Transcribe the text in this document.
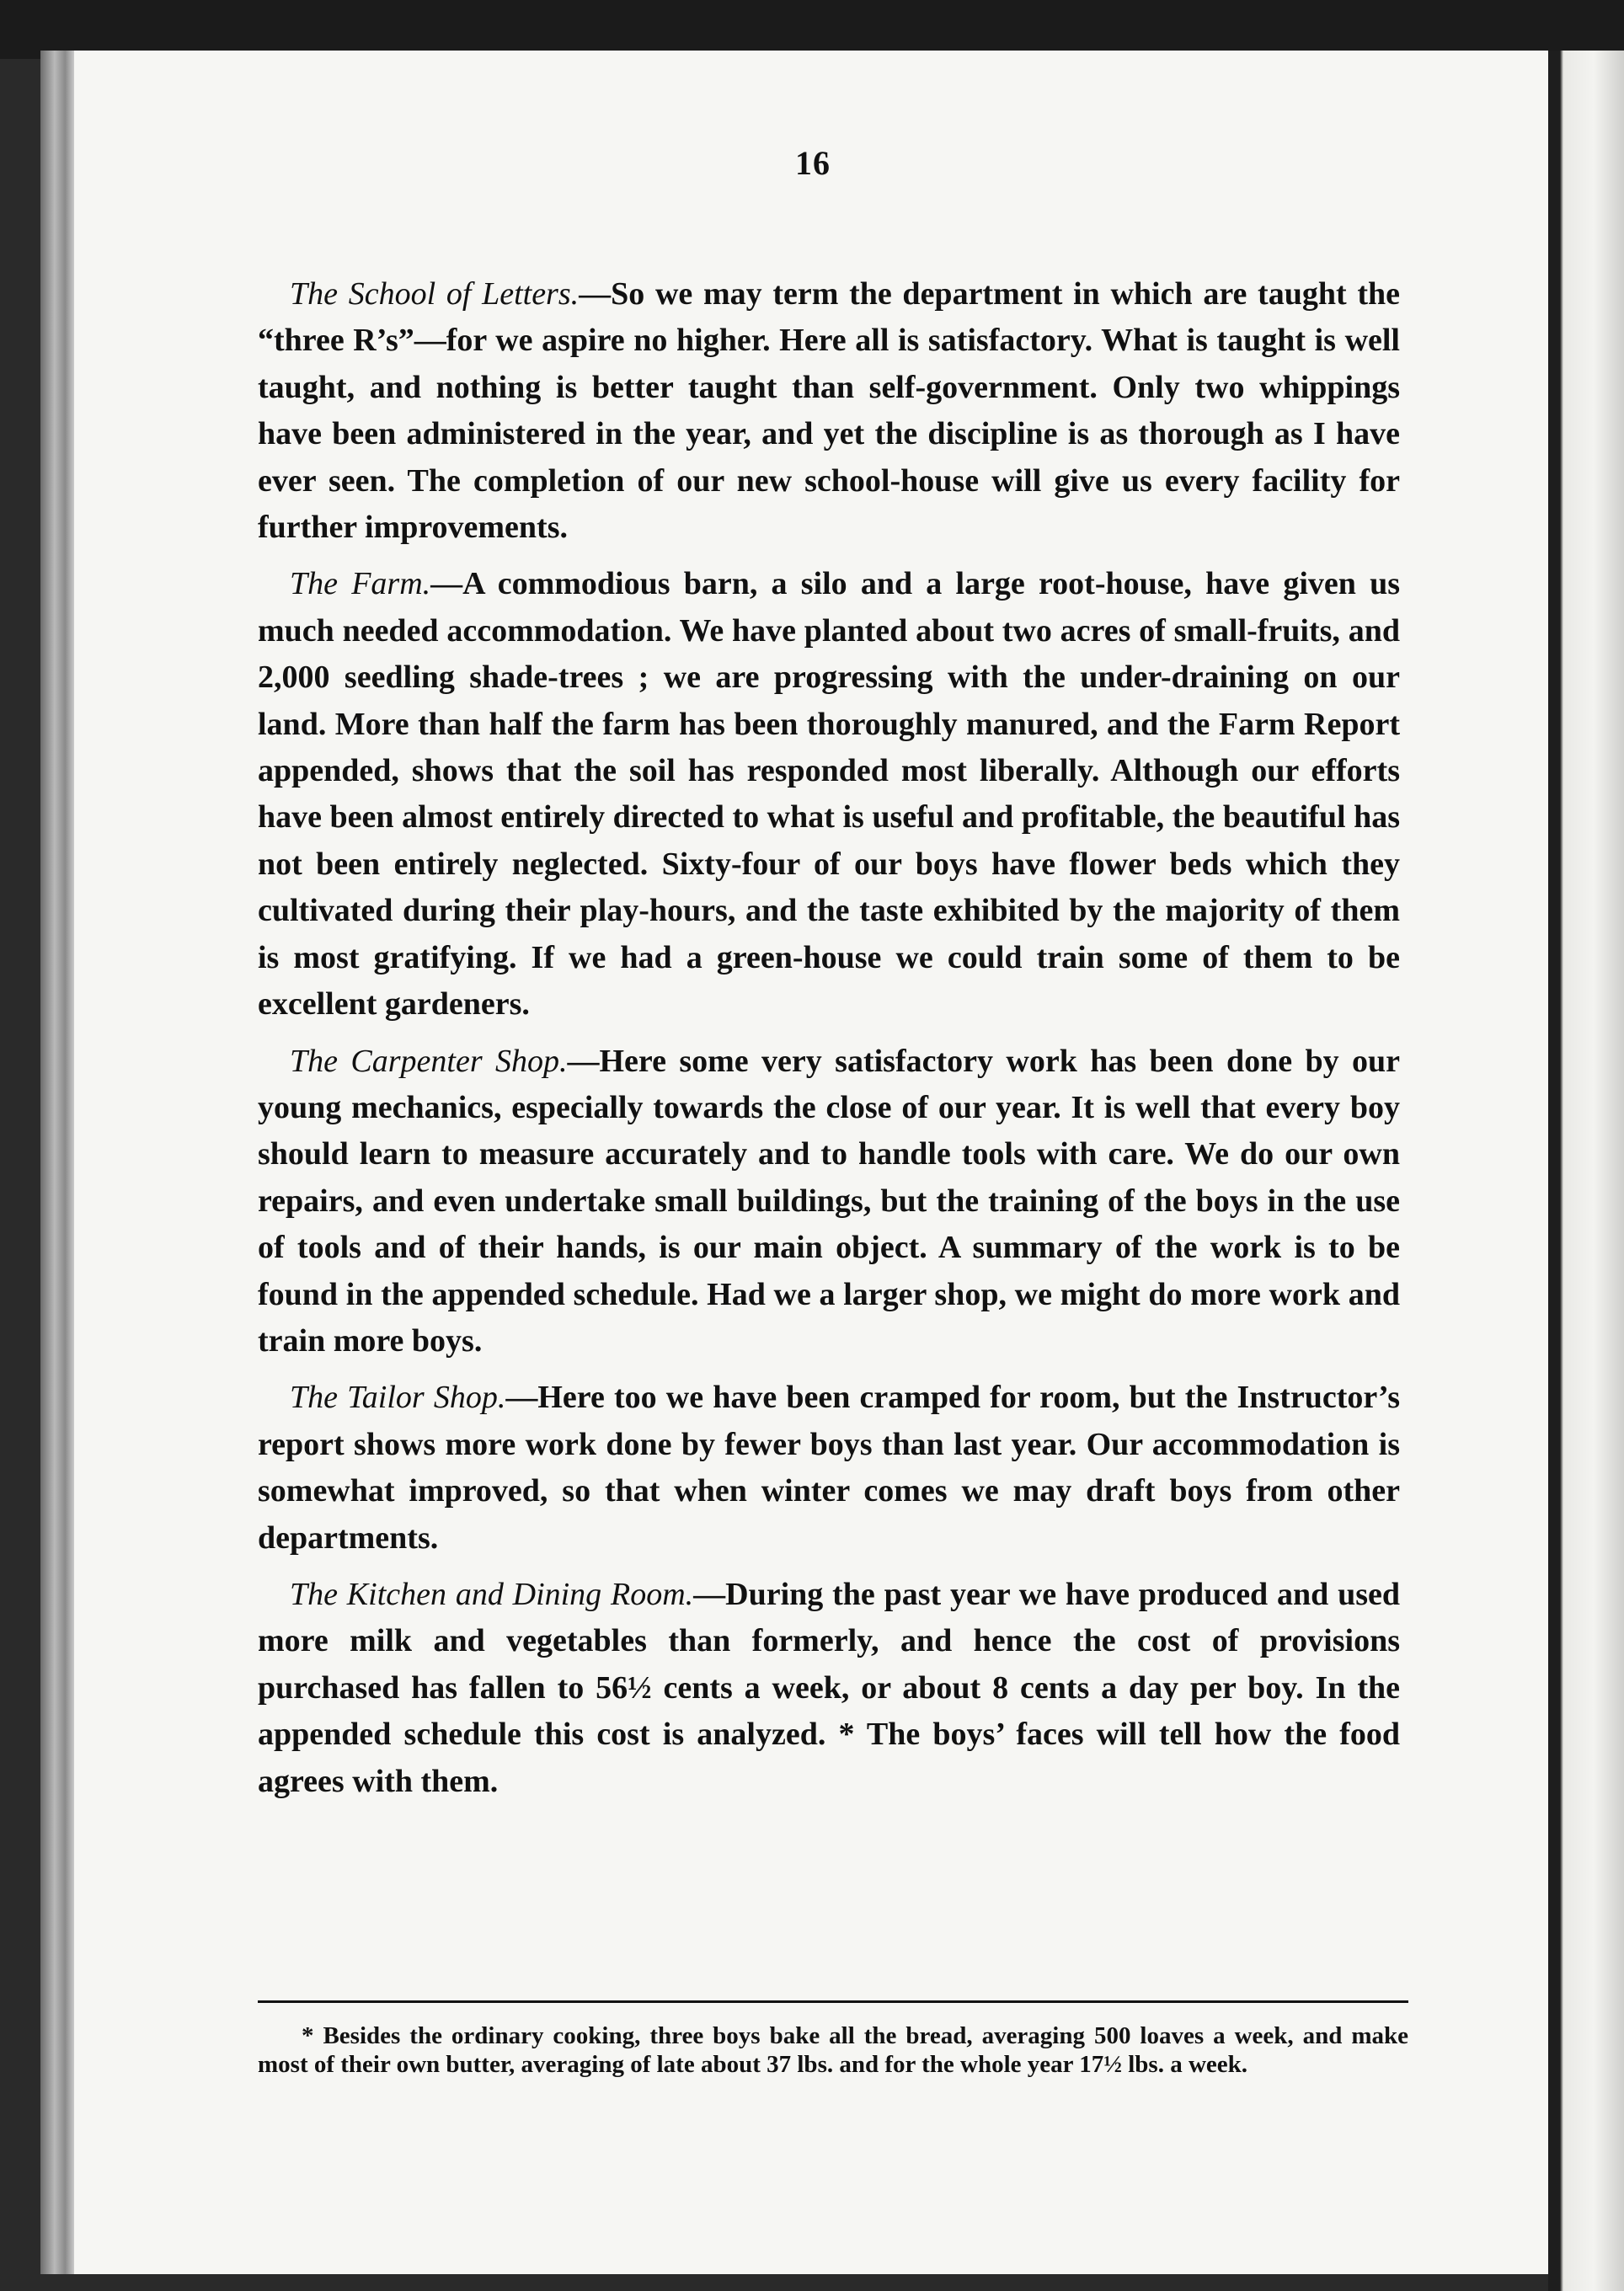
16

The School of Letters.—So we may term the department in which are taught the “three R’s”—for we aspire no higher. Here all is satisfactory. What is taught is well taught, and nothing is better taught than self-government. Only two whippings have been administered in the year, and yet the discipline is as thorough as I have ever seen. The completion of our new school-house will give us every facility for further improvements.

The Farm.—A commodious barn, a silo and a large root-house, have given us much needed accommodation. We have planted about two acres of small-fruits, and 2,000 seedling shade-trees ; we are progressing with the under-draining on our land. More than half the farm has been thoroughly manured, and the Farm Report appended, shows that the soil has responded most liberally. Although our efforts have been almost entirely directed to what is useful and profitable, the beautiful has not been entirely neglected. Sixty-four of our boys have flower beds which they cultivated during their play-hours, and the taste exhibited by the majority of them is most gratifying. If we had a green-house we could train some of them to be excellent gardeners.

The Carpenter Shop.—Here some very satisfactory work has been done by our young mechanics, especially towards the close of our year. It is well that every boy should learn to measure accurately and to handle tools with care. We do our own repairs, and even undertake small buildings, but the training of the boys in the use of tools and of their hands, is our main object. A summary of the work is to be found in the appended schedule. Had we a larger shop, we might do more work and train more boys.

The Tailor Shop.—Here too we have been cramped for room, but the Instructor’s report shows more work done by fewer boys than last year. Our accommodation is somewhat improved, so that when winter comes we may draft boys from other departments.

The Kitchen and Dining Room.—During the past year we have produced and used more milk and vegetables than formerly, and hence the cost of provisions purchased has fallen to 56½ cents a week, or about 8 cents a day per boy. In the appended schedule this cost is analyzed. * The boys’ faces will tell how the food agrees with them.

* Besides the ordinary cooking, three boys bake all the bread, averaging 500 loaves a week, and make most of their own butter, averaging of late about 37 lbs. and for the whole year 17½ lbs. a week.
